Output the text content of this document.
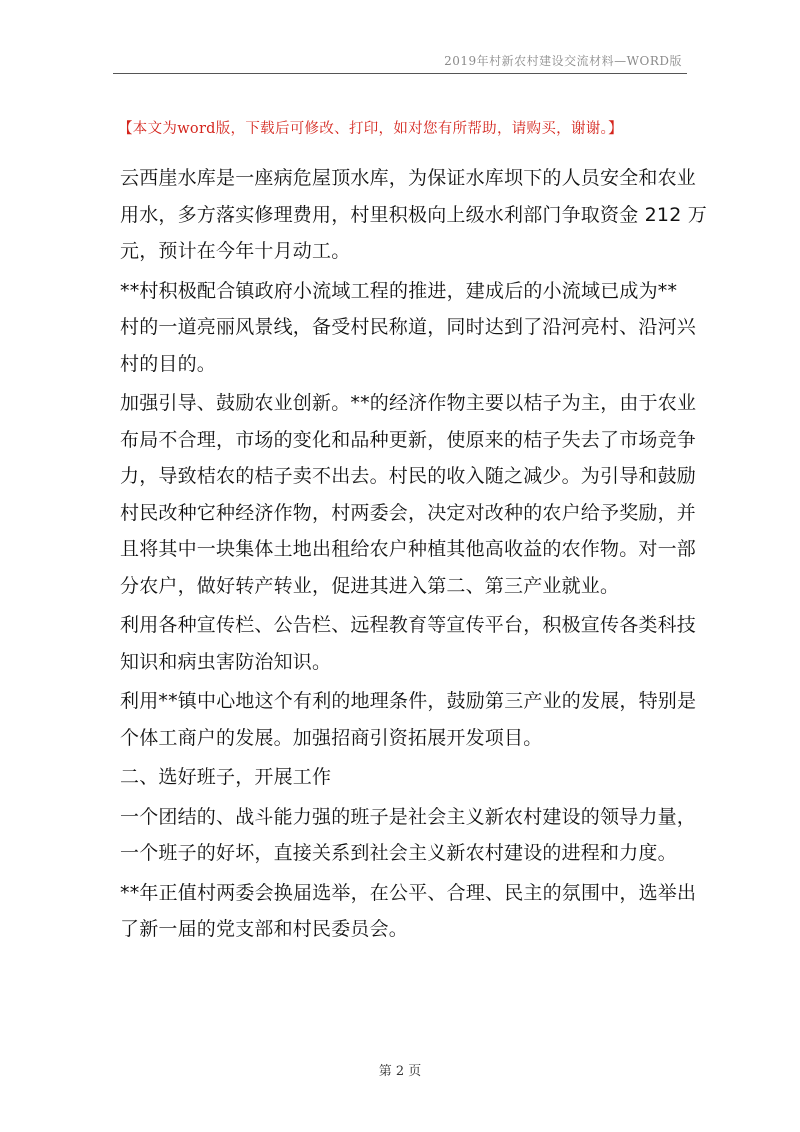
2019年村新农村建设交流材料—WORD版
【本文为word版，下载后可修改、打印，如对您有所帮助，请购买，谢谢。】

云西崖水库是一座病危屋顶水库，为保证水库坝下的人员安全和农业
用水，多方落实修理费用，村里积极向上级水利部门争取资金 212 万
元，预计在今年十月动工。

**村积极配合镇政府小流域工程的推进，建成后的小流域已成为**
村的一道亮丽风景线，备受村民称道，同时达到了沿河亮村、沿河兴
村的目的。

加强引导、鼓励农业创新。**的经济作物主要以桔子为主，由于农业
布局不合理，市场的变化和品种更新，使原来的桔子失去了市场竞争
力，导致桔农的桔子卖不出去。村民的收入随之减少。为引导和鼓励
村民改种它种经济作物，村两委会，决定对改种的农户给予奖励，并
且将其中一块集体土地出租给农户种植其他高收益的农作物。对一部
分农户，做好转产转业，促进其进入第二、第三产业就业。

利用各种宣传栏、公告栏、远程教育等宣传平台，积极宣传各类科技
知识和病虫害防治知识。

利用**镇中心地这个有利的地理条件，鼓励第三产业的发展，特别是
个体工商户的发展。加强招商引资拓展开发项目。

二、选好班子，开展工作

一个团结的、战斗能力强的班子是社会主义新农村建设的领导力量，
一个班子的好坏，直接关系到社会主义新农村建设的进程和力度。

**年正值村两委会换届选举，在公平、合理、民主的氛围中，选举出
了新一届的党支部和村民委员会。

第 2 页
